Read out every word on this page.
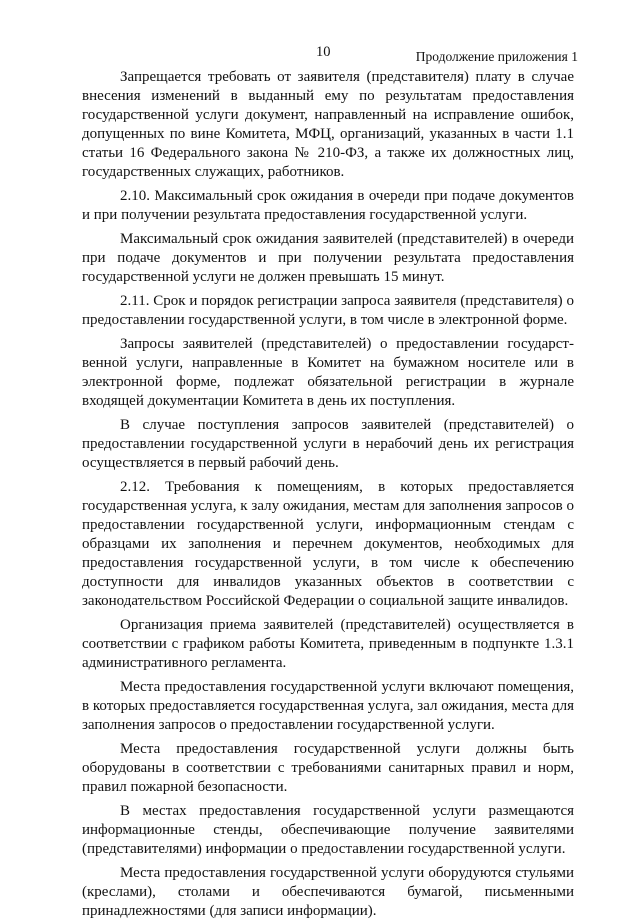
10	Продолжение приложения 1

Запрещается требовать от заявителя (представителя) плату в случае внесения изменений в выданный ему по результатам предоставления государственной услуги документ, направленный на исправление ошибок, допущенных по вине Комитета, МФЦ, организаций, указанных в части 1.1 статьи 16 Федерального закона № 210-ФЗ, а также их должностных лиц, государственных служащих, работников.

2.10. Максимальный срок ожидания в очереди при подаче документов и при получении результата предоставления государственной услуги.

Максимальный срок ожидания заявителей (представителей) в очереди при подаче документов и при получении результата предоставления государственной услуги не должен превышать 15 минут.

2.11. Срок и порядок регистрации запроса заявителя (представителя) о предоставлении государственной услуги, в том числе в электронной форме.

Запросы заявителей (представителей) о предоставлении государственной услуги, направленные в Комитет на бумажном носителе или в электронной форме, подлежат обязательной регистрации в журнале входящей документации Комитета в день их поступления.

В случае поступления запросов заявителей (представителей) о предоставлении государственной услуги в нерабочий день их регистрация осуществляется в первый рабочий день.

2.12. Требования к помещениям, в которых предоставляется государственная услуга, к залу ожидания, местам для заполнения запросов о предоставлении государственной услуги, информационным стендам с образцами их заполнения и перечнем документов, необходимых для предоставления государственной услуги, в том числе к обеспечению доступности для инвалидов указанных объектов в соответствии с законодательством Российской Федерации о социальной защите инвалидов.

Организация приема заявителей (представителей) осуществляется в соответствии с графиком работы Комитета, приведенным в подпункте 1.3.1 административного регламента.

Места предоставления государственной услуги включают помещения, в которых предоставляется государственная услуга, зал ожидания, места для заполнения запросов о предоставлении государственной услуги.

Места предоставления государственной услуги должны быть оборудованы в соответствии с требованиями санитарных правил и норм, правил пожарной безопасности.

В местах предоставления государственной услуги размещаются информационные стенды, обеспечивающие получение заявителями (представителями) информации о предоставлении государственной услуги.

Места предоставления государственной услуги оборудуются стульями (креслами), столами и обеспечиваются бумагой, письменными принадлежностями (для записи информации).
